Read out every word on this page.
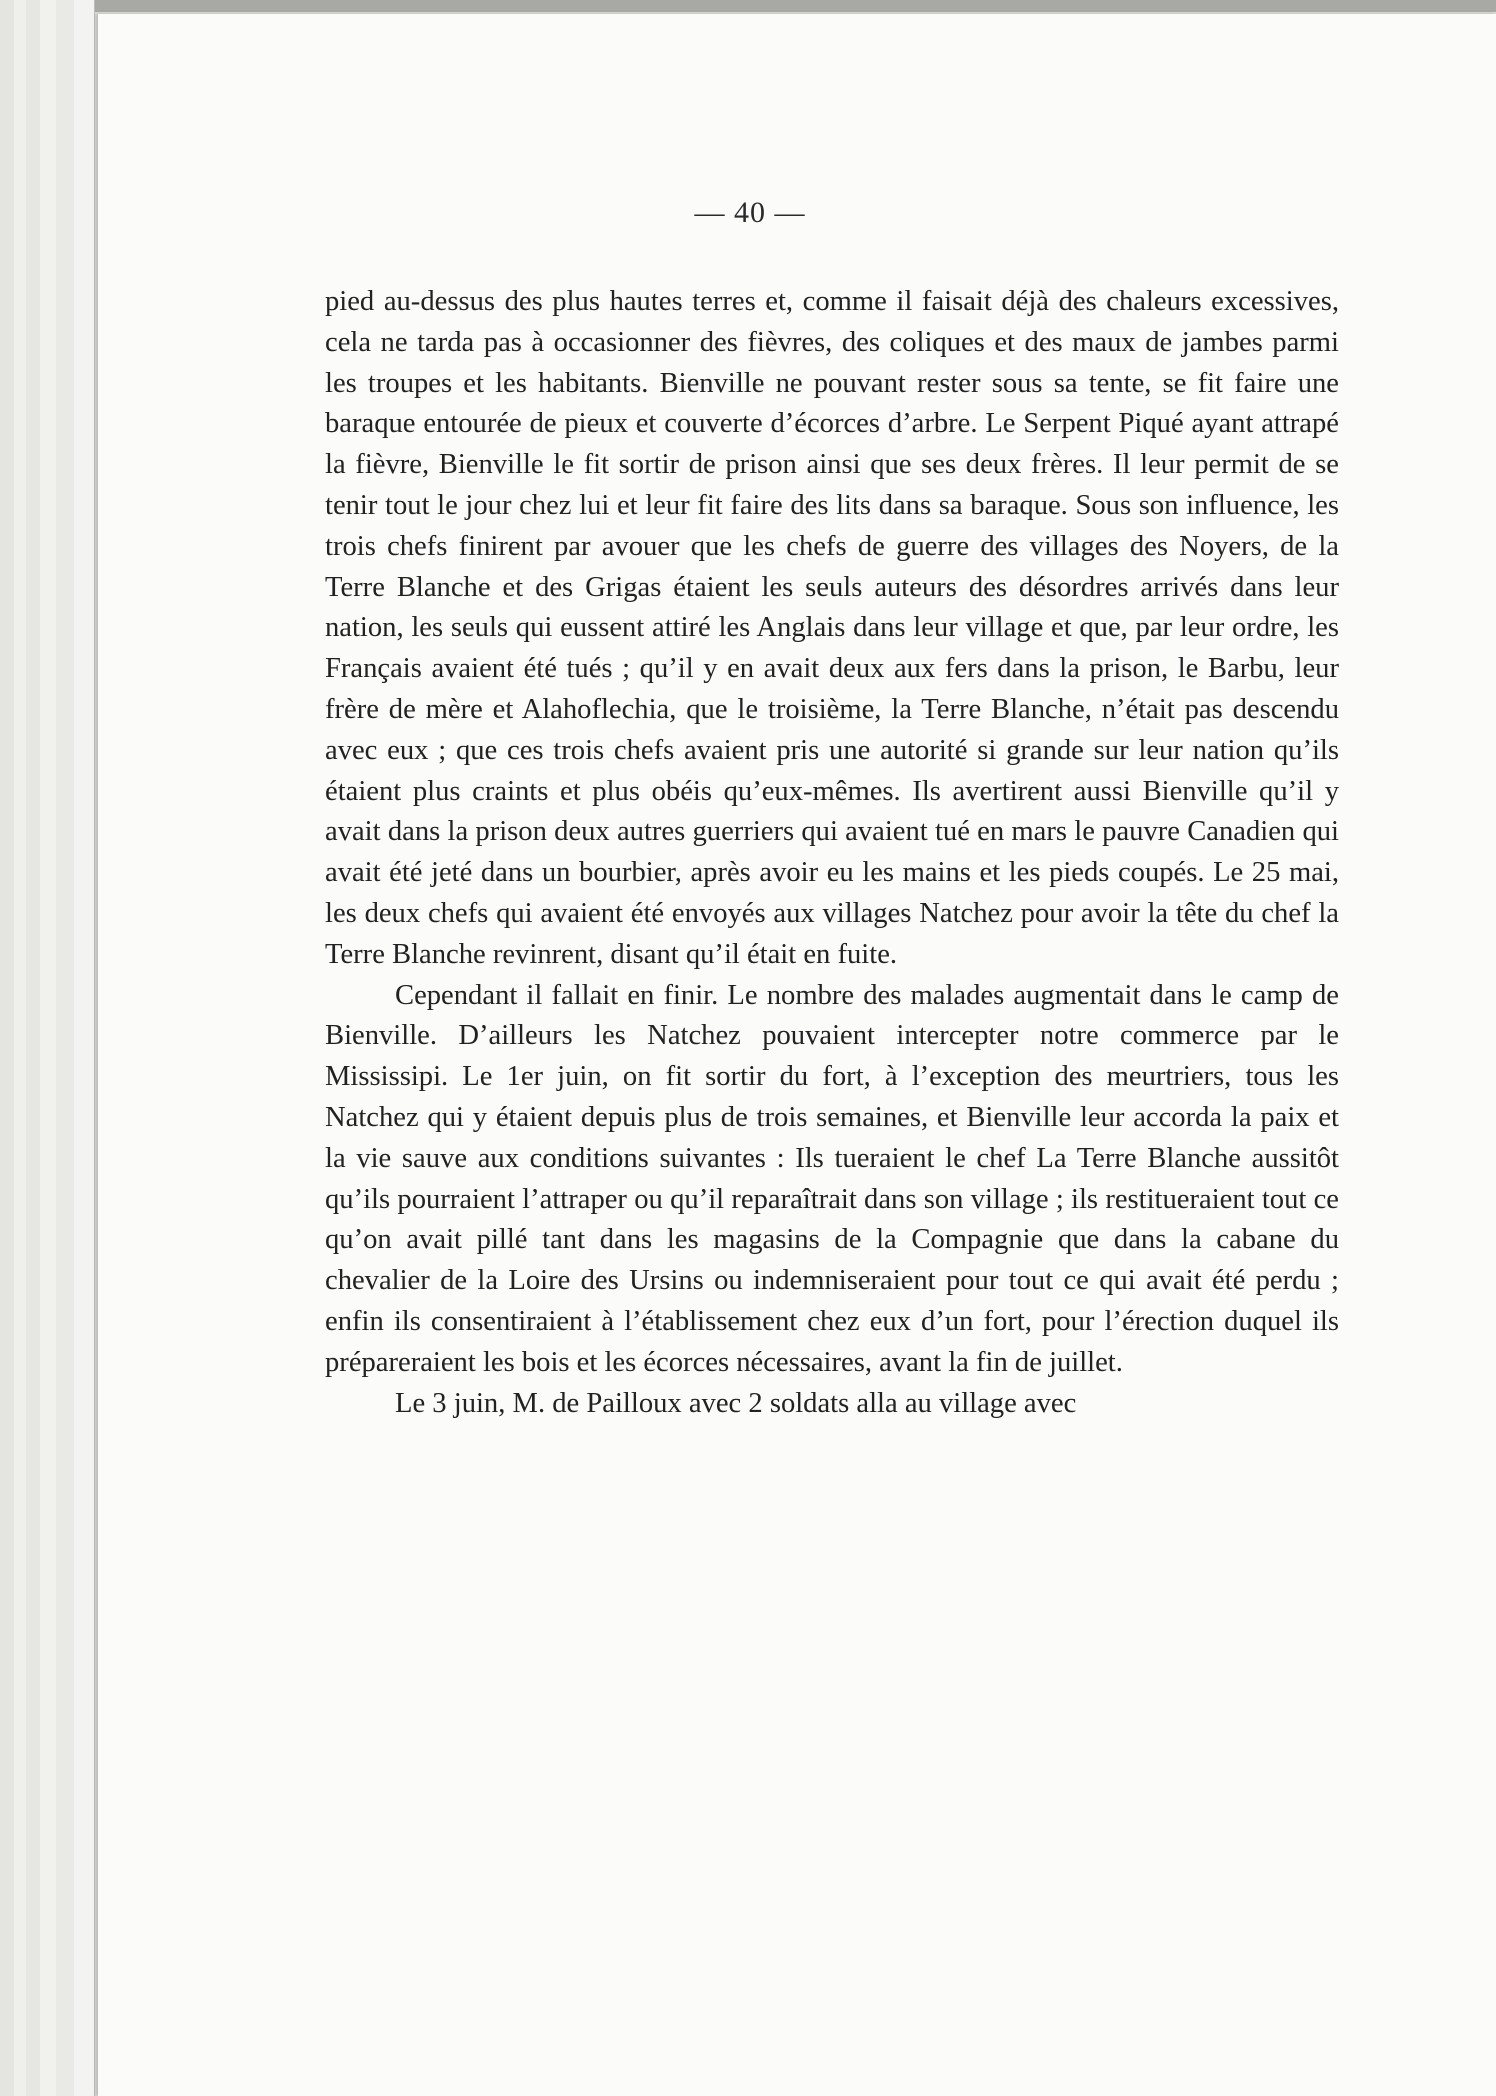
— 40 —

pied au-dessus des plus hautes terres et, comme il faisait déjà des chaleurs excessives, cela ne tarda pas à occasionner des fièvres, des coliques et des maux de jambes parmi les troupes et les habitants. Bienville ne pouvant rester sous sa tente, se fit faire une baraque entourée de pieux et couverte d’écorces d’arbre. Le Serpent Piqué ayant attrapé la fièvre, Bienville le fit sortir de prison ainsi que ses deux frères. Il leur permit de se tenir tout le jour chez lui et leur fit faire des lits dans sa baraque. Sous son influence, les trois chefs finirent par avouer que les chefs de guerre des villages des Noyers, de la Terre Blanche et des Grigas étaient les seuls auteurs des désordres arrivés dans leur nation, les seuls qui eussent attiré les Anglais dans leur village et que, par leur ordre, les Français avaient été tués ; qu’il y en avait deux aux fers dans la prison, le Barbu, leur frère de mère et Alahoflechia, que le troisième, la Terre Blanche, n’était pas descendu avec eux ; que ces trois chefs avaient pris une autorité si grande sur leur nation qu’ils étaient plus craints et plus obéis qu’eux-mêmes. Ils avertirent aussi Bienville qu’il y avait dans la prison deux autres guerriers qui avaient tué en mars le pauvre Canadien qui avait été jeté dans un bourbier, après avoir eu les mains et les pieds coupés. Le 25 mai, les deux chefs qui avaient été envoyés aux villages Natchez pour avoir la tête du chef la Terre Blanche revinrent, disant qu’il était en fuite.

Cependant il fallait en finir. Le nombre des malades augmentait dans le camp de Bienville. D’ailleurs les Natchez pouvaient intercepter notre commerce par le Mississipi. Le 1er juin, on fit sortir du fort, à l’exception des meurtriers, tous les Natchez qui y étaient depuis plus de trois semaines, et Bienville leur accorda la paix et la vie sauve aux conditions suivantes : Ils tueraient le chef La Terre Blanche aussitôt qu’ils pourraient l’attraper ou qu’il reparaîtrait dans son village ; ils restitueraient tout ce qu’on avait pillé tant dans les magasins de la Compagnie que dans la cabane du chevalier de la Loire des Ursins ou indemniseraient pour tout ce qui avait été perdu ; enfin ils consentiraient à l’établissement chez eux d’un fort, pour l’érection duquel ils prépareraient les bois et les écorces nécessaires, avant la fin de juillet.

Le 3 juin, M. de Pailloux avec 2 soldats alla au village avec
